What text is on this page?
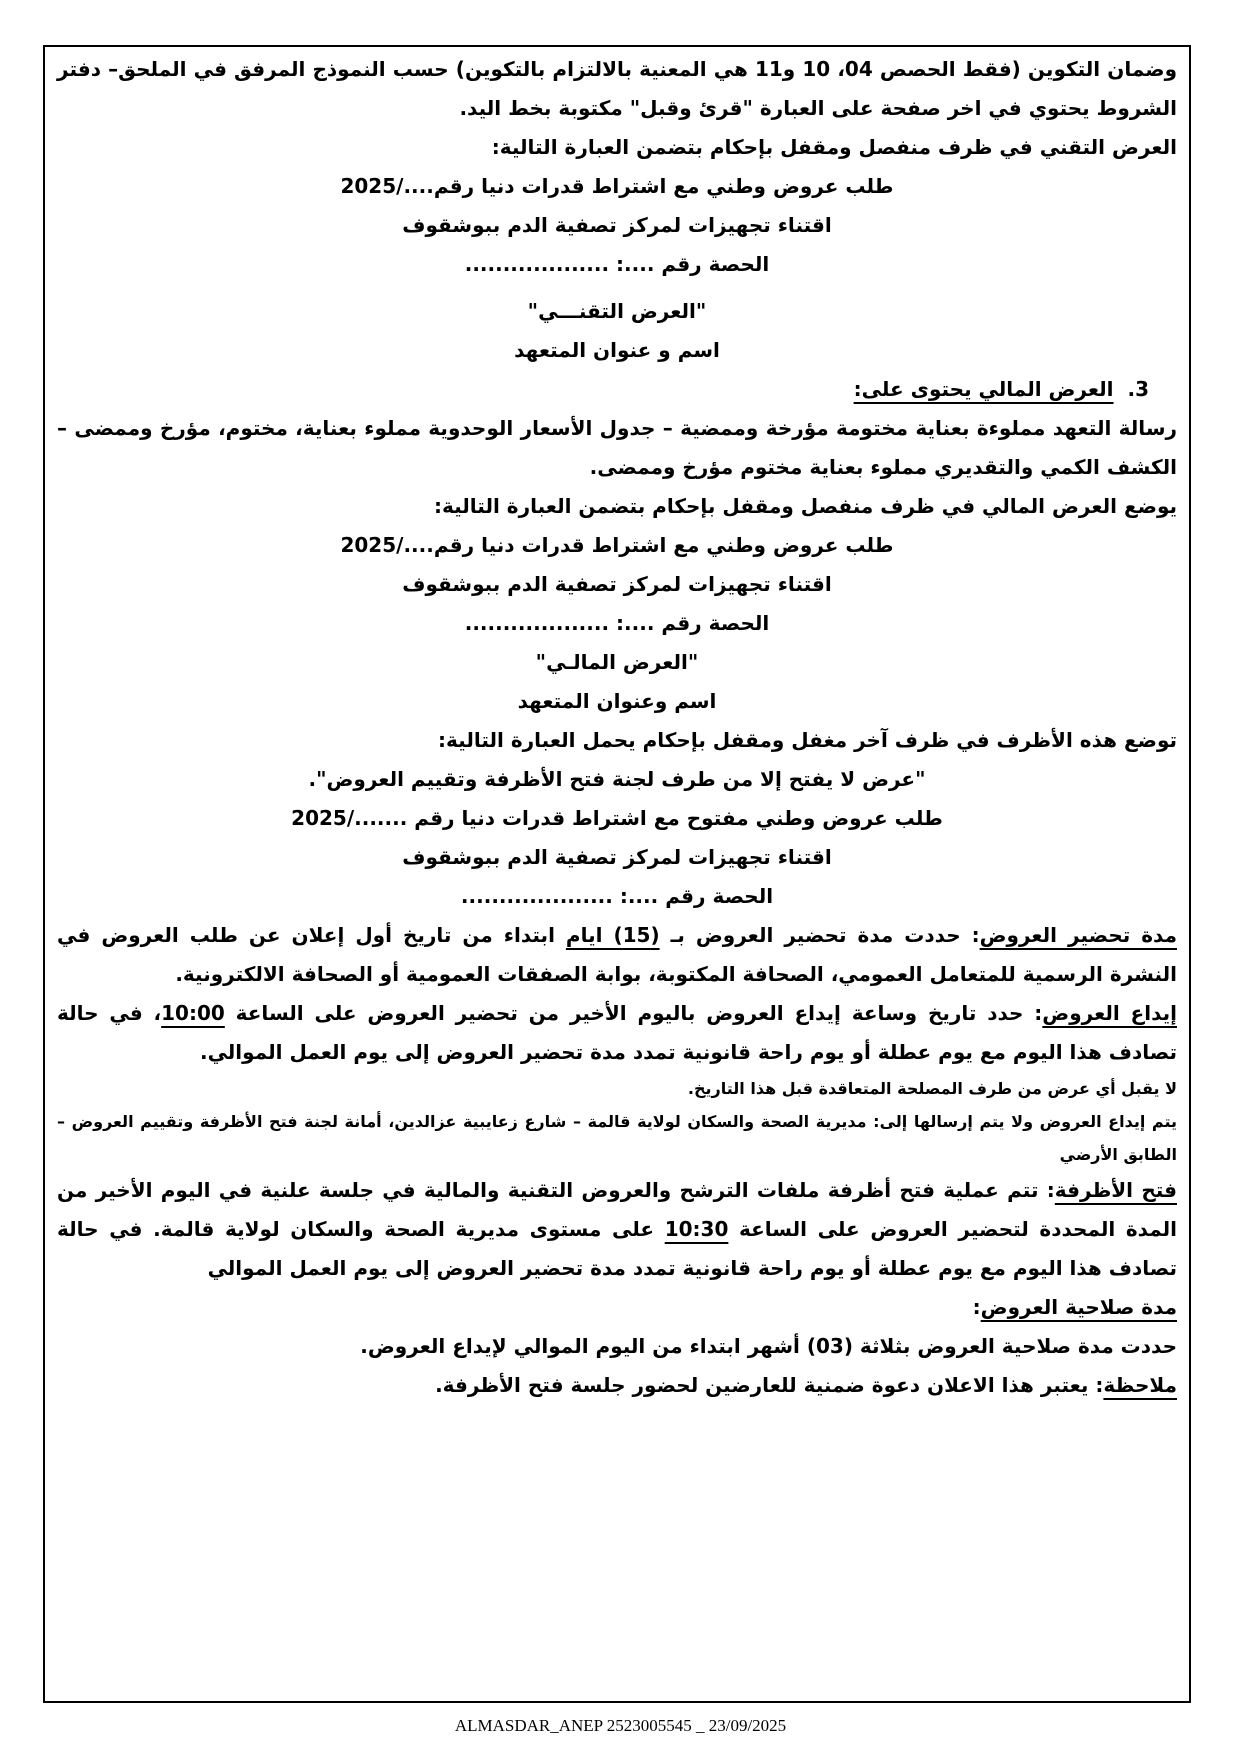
وضمان التكوين (فقط الحصص 04، 10 و11 هي المعنية بالالتزام بالتكوين) حسب النموذج المرفق في الملحق– دفتر الشروط يحتوي في اخر صفحة على العبارة "قرئ وقبل" مكتوبة بخط اليد.
العرض التقني في ظرف منفصل ومقفل بإحكام بتضمن العبارة التالية:
طلب عروض وطني مع اشتراط قدرات دنيا رقم..../2025
اقتناء تجهيزات لمركز تصفية الدم ببوشقوف
الحصة رقم ....: ...................
"العرض التقنـــي"
اسم و عنوان المتعهد
3.  العرض المالي يحتوى على:
رسالة التعهد مملوءة بعناية مختومة مؤرخة وممضية – جدول الأسعار الوحدوية مملوء بعناية، مختوم، مؤرخ وممضى – الكشف الكمي والتقديري مملوء بعناية مختوم مؤرخ وممضى.
يوضع العرض المالي في ظرف منفصل ومقفل بإحكام بتضمن العبارة التالية:
طلب عروض وطني مع اشتراط قدرات دنيا رقم..../2025
اقتناء تجهيزات لمركز تصفية الدم ببوشقوف
الحصة رقم ....: ...................
"العرض المالـي"
اسم وعنوان المتعهد
توضع هذه الأظرف في ظرف آخر مغفل ومقفل بإحكام يحمل العبارة التالية:
"عرض لا يفتح إلا من طرف لجنة فتح الأظرفة وتقييم العروض".
طلب عروض وطني مفتوح مع اشتراط قدرات دنيا رقم ......./2025
اقتناء تجهيزات لمركز تصفية الدم ببوشقوف
الحصة رقم ....: ....................
مدة تحضير العروض: حددت مدة تحضير العروض بـ (15) ايام ابتداء من تاريخ أول إعلان عن طلب العروض في النشرة الرسمية للمتعامل العمومي، الصحافة المكتوبة، بوابة الصفقات العمومية أو الصحافة الالكترونية.
إيداع العروض: حدد تاريخ وساعة إيداع العروض باليوم الأخير من تحضير العروض على الساعة 10:00، في حالة تصادف هذا اليوم مع يوم عطلة أو يوم راحة قانونية تمدد مدة تحضير العروض إلى يوم العمل الموالي.
لا يقبل أي عرض من طرف المصلحة المتعاقدة قبل هذا التاريخ.
يتم إيداع العروض ولا يتم إرسالها إلى: مديرية الصحة والسكان لولاية قالمة – شارع زعايبية عزالدين، أمانة لجنة فتح الأظرفة وتقييم العروض – الطابق الأرضي
فتح الأظرفة: تتم عملية فتح أظرفة ملفات الترشح والعروض التقنية والمالية في جلسة علنية في اليوم الأخير من المدة المحددة لتحضير العروض على الساعة 10:30 على مستوى مديرية الصحة والسكان لولاية قالمة. في حالة تصادف هذا اليوم مع يوم عطلة أو يوم راحة قانونية تمدد مدة تحضير العروض إلى يوم العمل الموالي
مدة صلاحية العروض:
حددت مدة صلاحية العروض بثلاثة (03) أشهر ابتداء من اليوم الموالي لإيداع العروض.
ملاحظة: يعتبر هذا الاعلان دعوة ضمنية للعارضين لحضور جلسة فتح الأظرفة.
ALMASDAR_ANEP 2523005545 _ 23/09/2025
